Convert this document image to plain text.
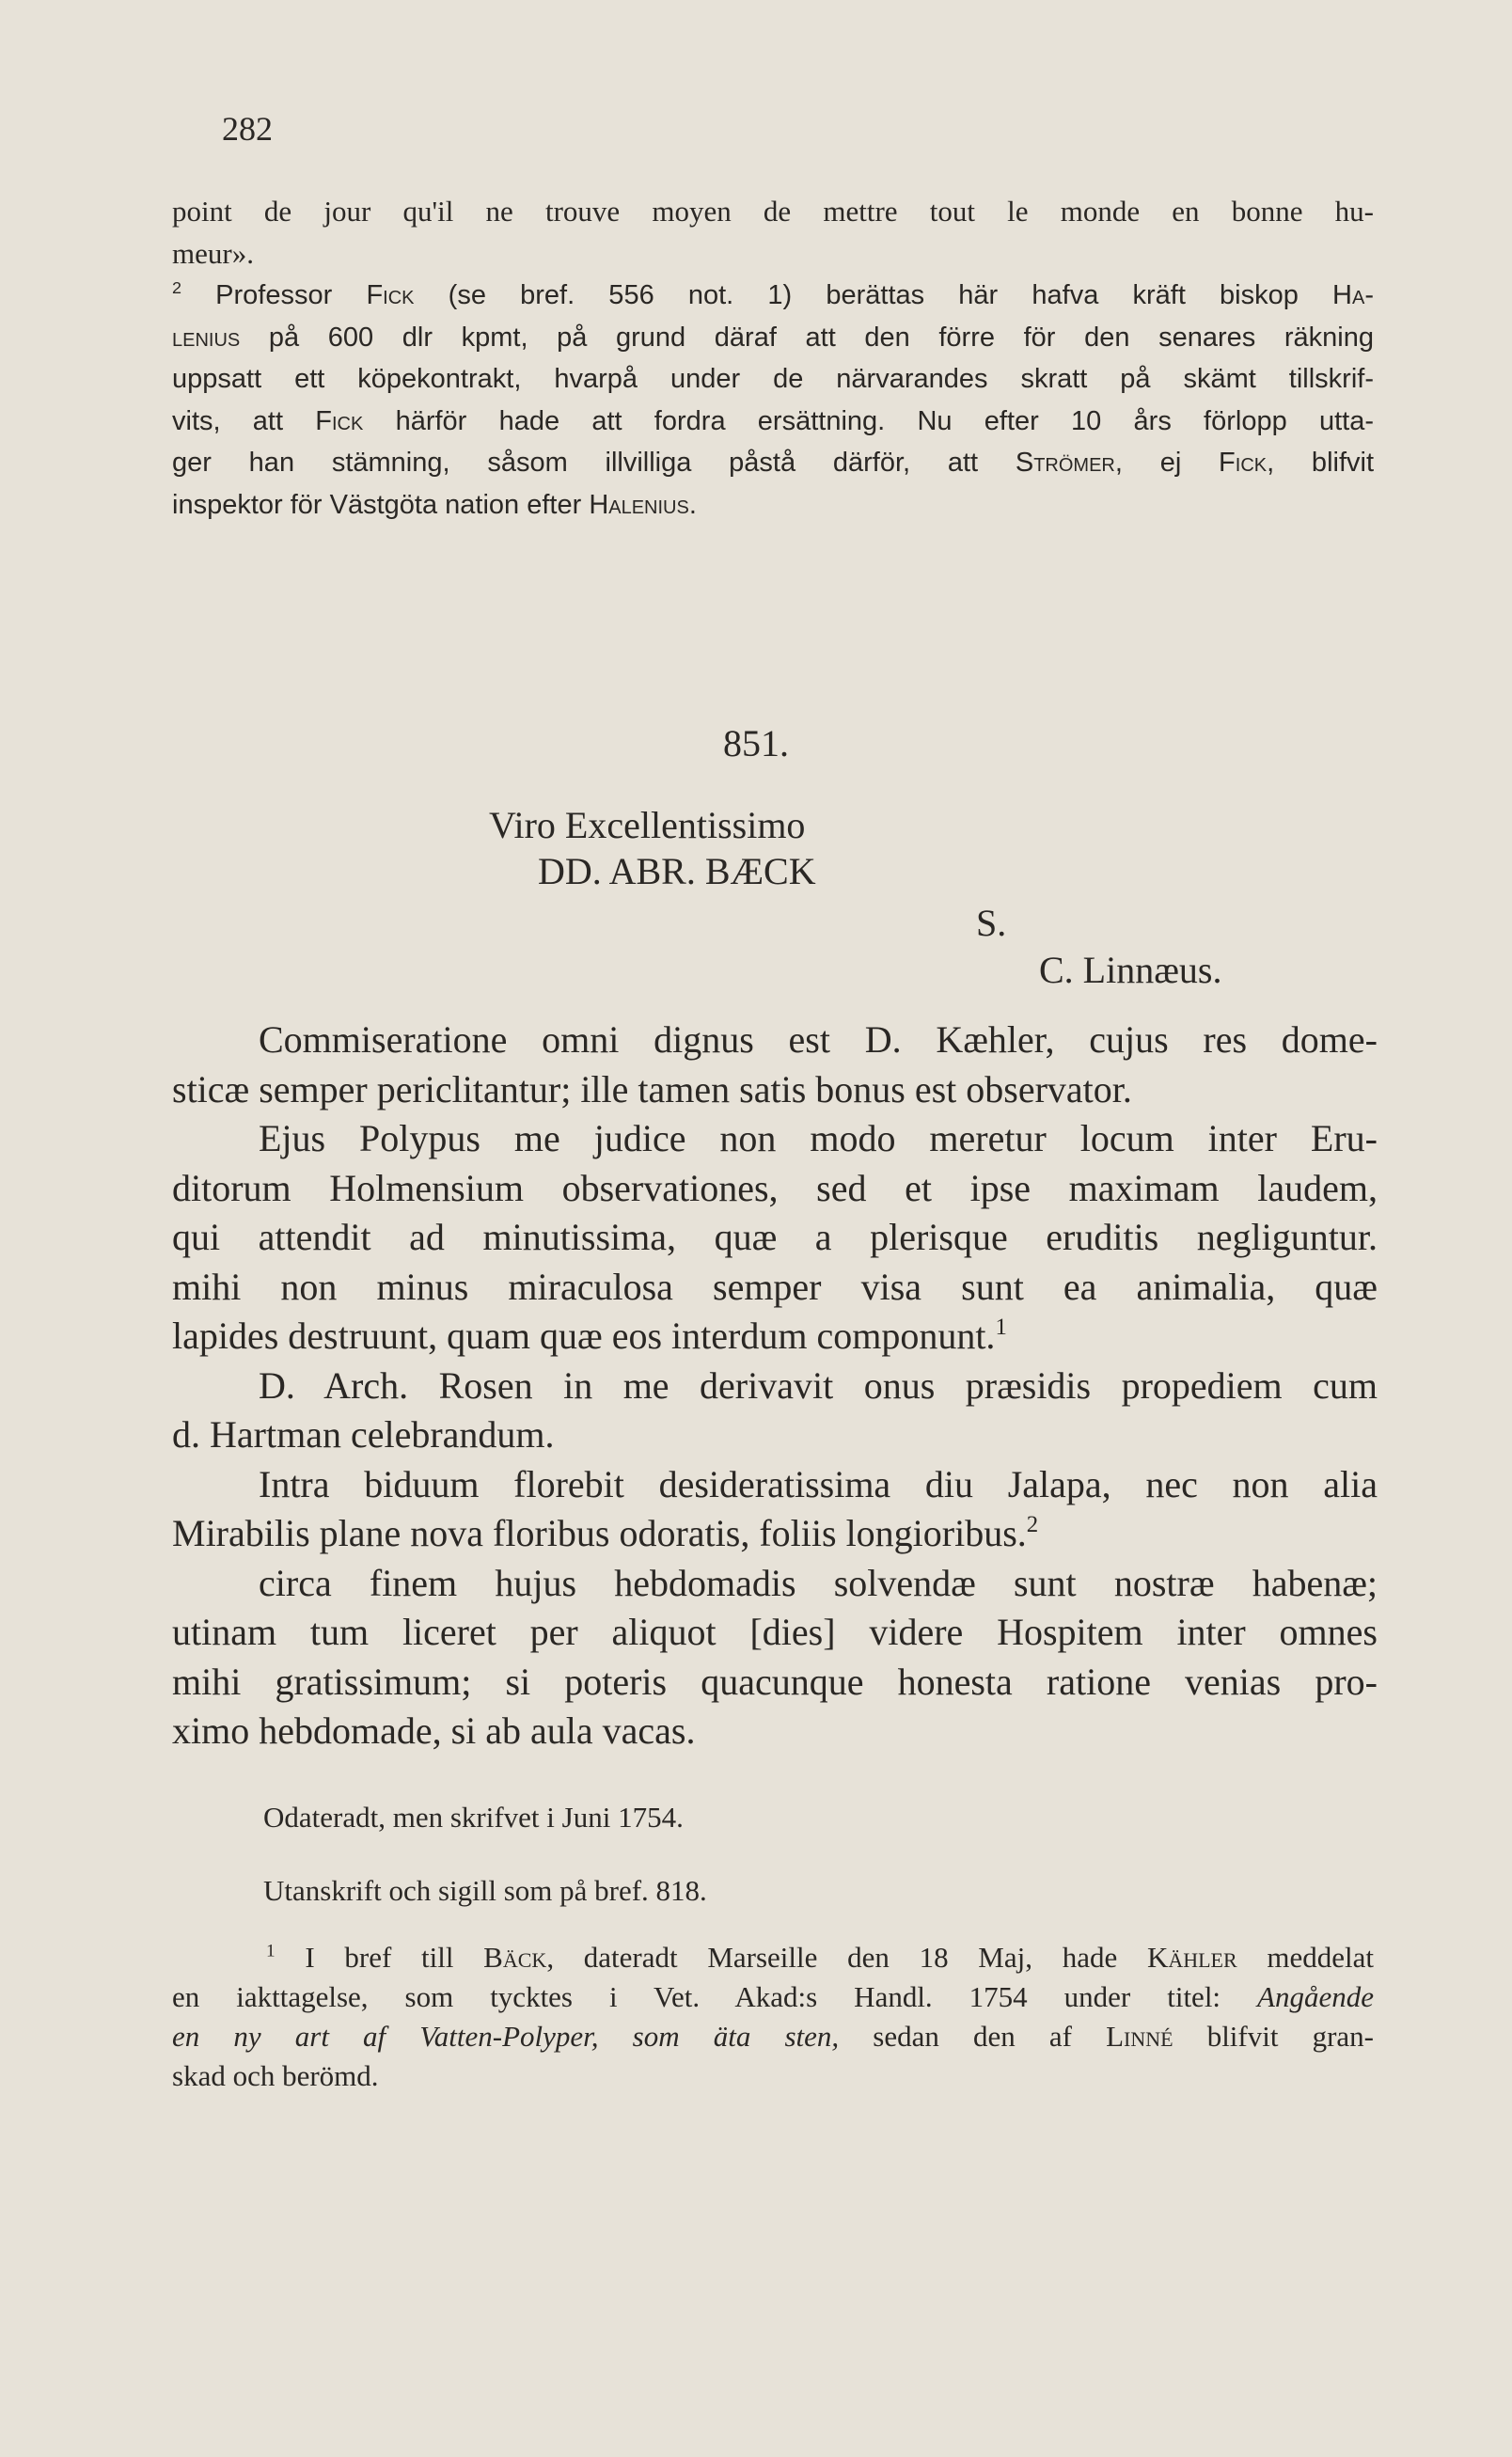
282
point de jour qu'il ne trouve moyen de mettre tout le monde en bonne hu-
meur».
$^2$ Professor Fick (se bref. 556 not. 1) berättas här hafva kräft biskop Ha-
lenius på 600 dlr kpmt, på grund däraf att den förre för den senares räkning
uppsatt ett köpekontrakt, hvarpå under de närvarandes skratt på skämt tillskrif-
vits, att Fick härför hade att fordra ersättning. Nu efter 10 års förlopp utta-
ger han stämning, såsom illvilliga påstå därför, att Strömer, ej Fick, blifvit
inspektor för Västgöta nation efter Halenius.
851.
Viro Excellentissimo
DD. ABR. BÆCK
S.
C. Linnæus.
Commiseratione omni dignus est D. Kæhler, cujus res dome-
sticæ semper periclitantur; ille tamen satis bonus est observator.
Ejus Polypus me judice non modo meretur locum inter Eru-
ditorum Holmensium observationes, sed et ipse maximam laudem,
qui attendit ad minutissima, quæ a plerisque eruditis negliguntur.
mihi non minus miraculosa semper visa sunt ea animalia, quæ
lapides destruunt, quam quæ eos interdum componunt.$^1$
D. Arch. Rosen in me derivavit onus præsidis propediem cum
d. Hartman celebrandum.
Intra biduum florebit desideratissima diu Jalapa, nec non alia
Mirabilis plane nova floribus odoratis, foliis longioribus.$^2$
circa finem hujus hebdomadis solvendæ sunt nostræ habenæ;
utinam tum liceret per aliquot [dies] videre Hospitem inter omnes
mihi gratissimum; si poteris quacunque honesta ratione venias pro-
ximo hebdomade, si ab aula vacas.
Odateradt, men skrifvet i Juni 1754.
Utanskrift och sigill som på bref. 818.
$^1$ I bref till Bäck, dateradt Marseille den 18 Maj, hade Kähler meddelat
en iakttagelse, som tycktes i Vet. Akad:s Handl. 1754 under titel: Angående
en ny art af Vatten-Polyper, som äta sten, sedan den af Linné blifvit gran-
skad och berömd.
